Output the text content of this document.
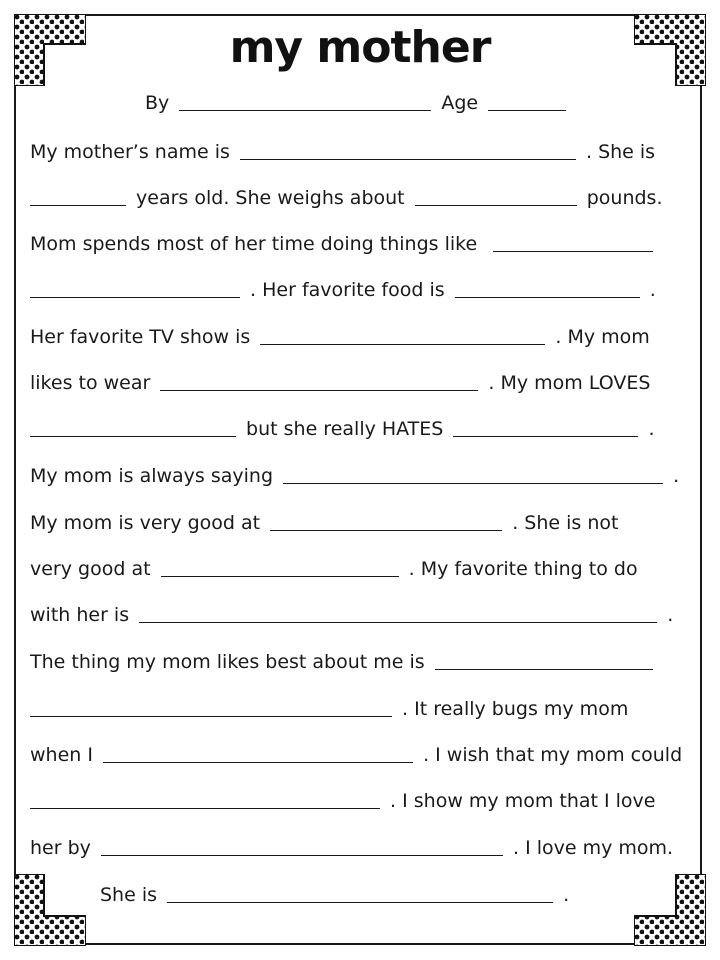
my mother
By	Age
My mother’s name is	. She is
years old. She weighs about	pounds.
Mom spends most of her time doing things like
. Her favorite food is	.
Her favorite TV show is	. My mom
likes to wear	. My mom LOVES
but she really HATES	.
My mom is always saying	.
My mom is very good at	. She is not
very good at	. My favorite thing to do
with her is	.
The thing my mom likes best about me is
. It really bugs my mom
when I	. I wish that my mom could
. I show my mom that I love
her by	. I love my mom.
She is	.
